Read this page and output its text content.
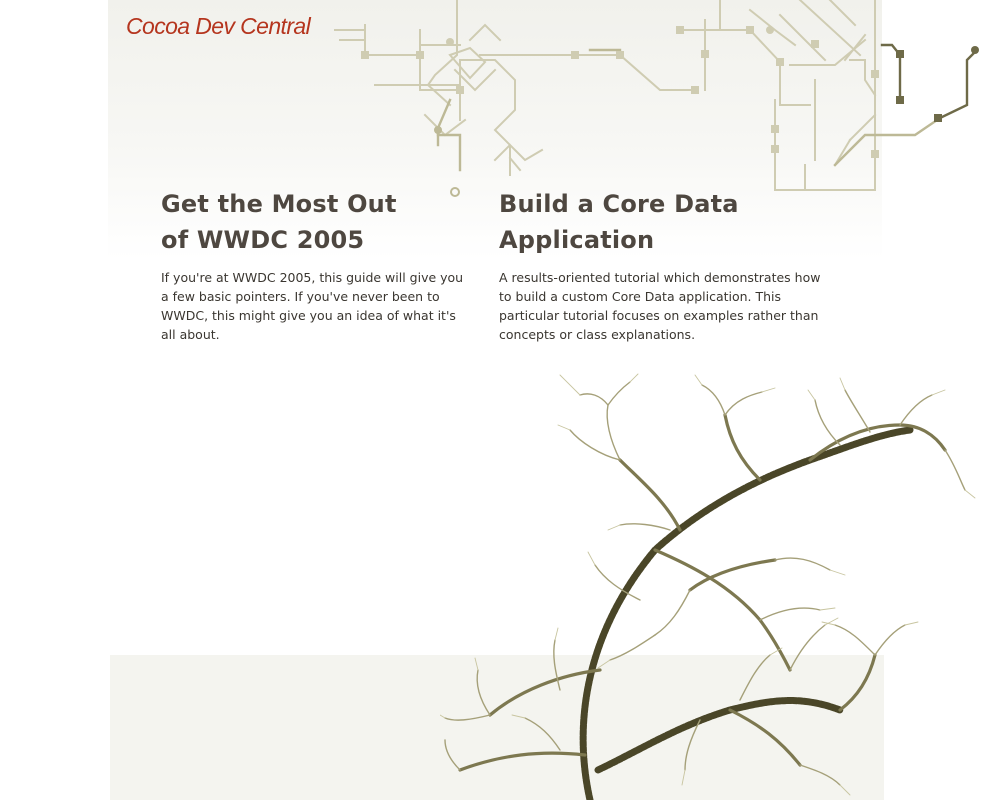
Cocoa Dev Central
Get the Most Out
of WWDC 2005

If you're at WWDC 2005, this guide will give you a few basic pointers. If you've never been to WWDC, this might give you an idea of what it's all about.

Build a Core Data
Application

A results-oriented tutorial which demonstrates how to build a custom Core Data application. This particular tutorial focuses on examples rather than concepts or class explanations.
